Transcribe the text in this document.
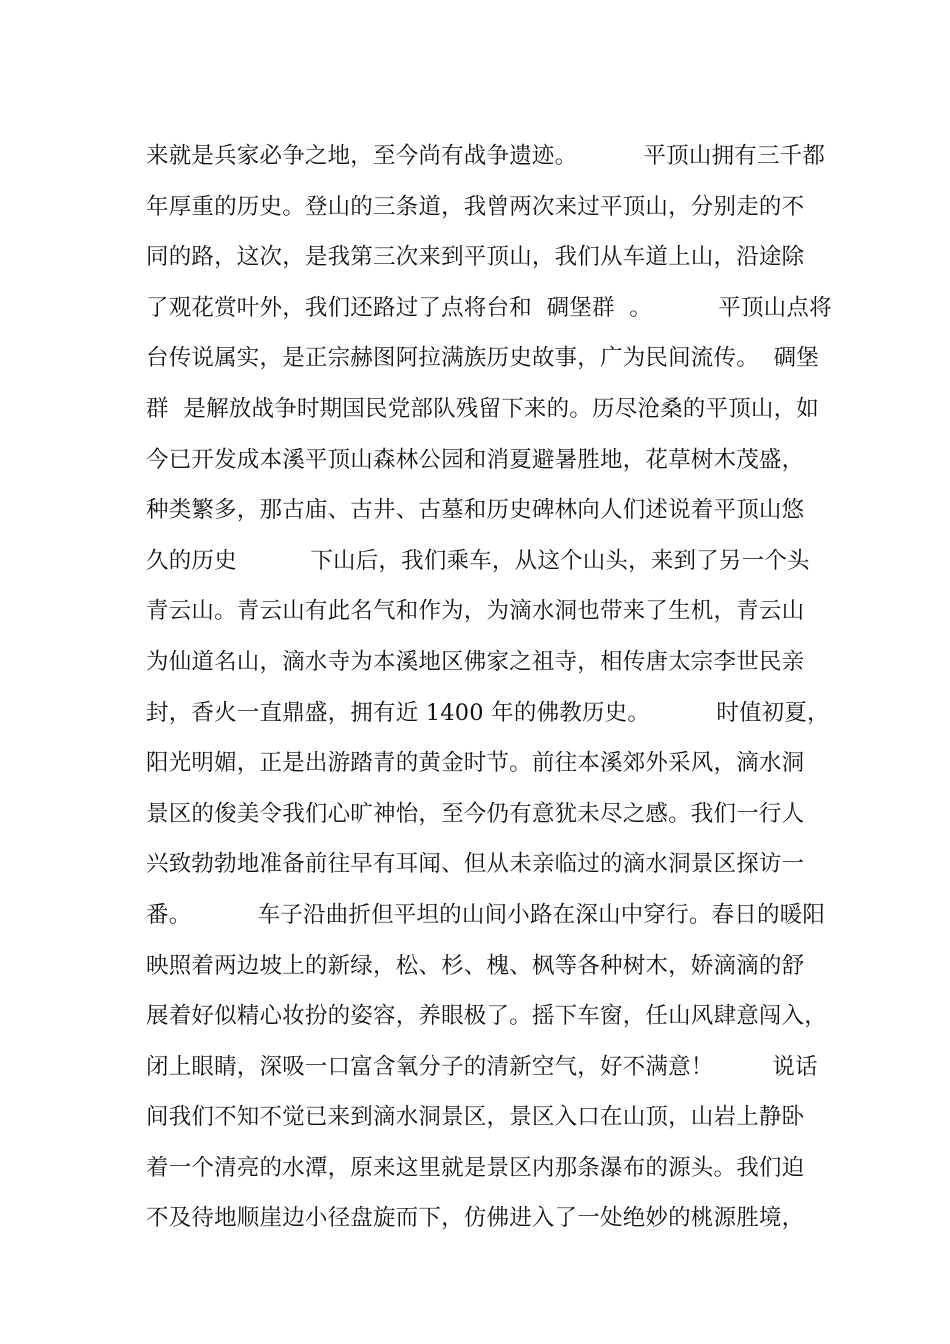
来就是兵家必争之地，至今尚有战争遗迹。         平顶山拥有三千都
年厚重的历史。登山的三条道，我曾两次来过平顶山，分别走的不
同的路，这次，是我第三次来到平顶山，我们从车道上山，沿途除
了观花赏叶外，我们还路过了点将台和  碉堡群  。         平顶山点将
台传说属实，是正宗赫图阿拉满族历史故事，广为民间流传。  碉堡
群  是解放战争时期国民党部队残留下来的。历尽沧桑的平顶山，如
今已开发成本溪平顶山森林公园和消夏避暑胜地，花草树木茂盛，
种类繁多，那古庙、古井、古墓和历史碑林向人们述说着平顶山悠
久的历史          下山后，我们乘车，从这个山头，来到了另一个头
青云山。青云山有此名气和作为，为滴水洞也带来了生机，青云山
为仙道名山，滴水寺为本溪地区佛家之祖寺，相传唐太宗李世民亲
封，香火一直鼎盛，拥有近 1400 年的佛教历史。         时值初夏，
阳光明媚，正是出游踏青的黄金时节。前往本溪郊外采风，滴水洞
景区的俊美令我们心旷神怡，至今仍有意犹未尽之感。我们一行人
兴致勃勃地准备前往早有耳闻、但从未亲临过的滴水洞景区探访一
番。         车子沿曲折但平坦的山间小路在深山中穿行。春日的暖阳
映照着两边坡上的新绿，松、杉、槐、枫等各种树木，娇滴滴的舒
展着好似精心妆扮的姿容，养眼极了。摇下车窗，任山风肆意闯入，
闭上眼睛，深吸一口富含氧分子的清新空气，好不满意！        说话
间我们不知不觉已来到滴水洞景区，景区入口在山顶，山岩上静卧
着一个清亮的水潭，原来这里就是景区内那条瀑布的源头。我们迫
不及待地顺崖边小径盘旋而下，仿佛进入了一处绝妙的桃源胜境，
